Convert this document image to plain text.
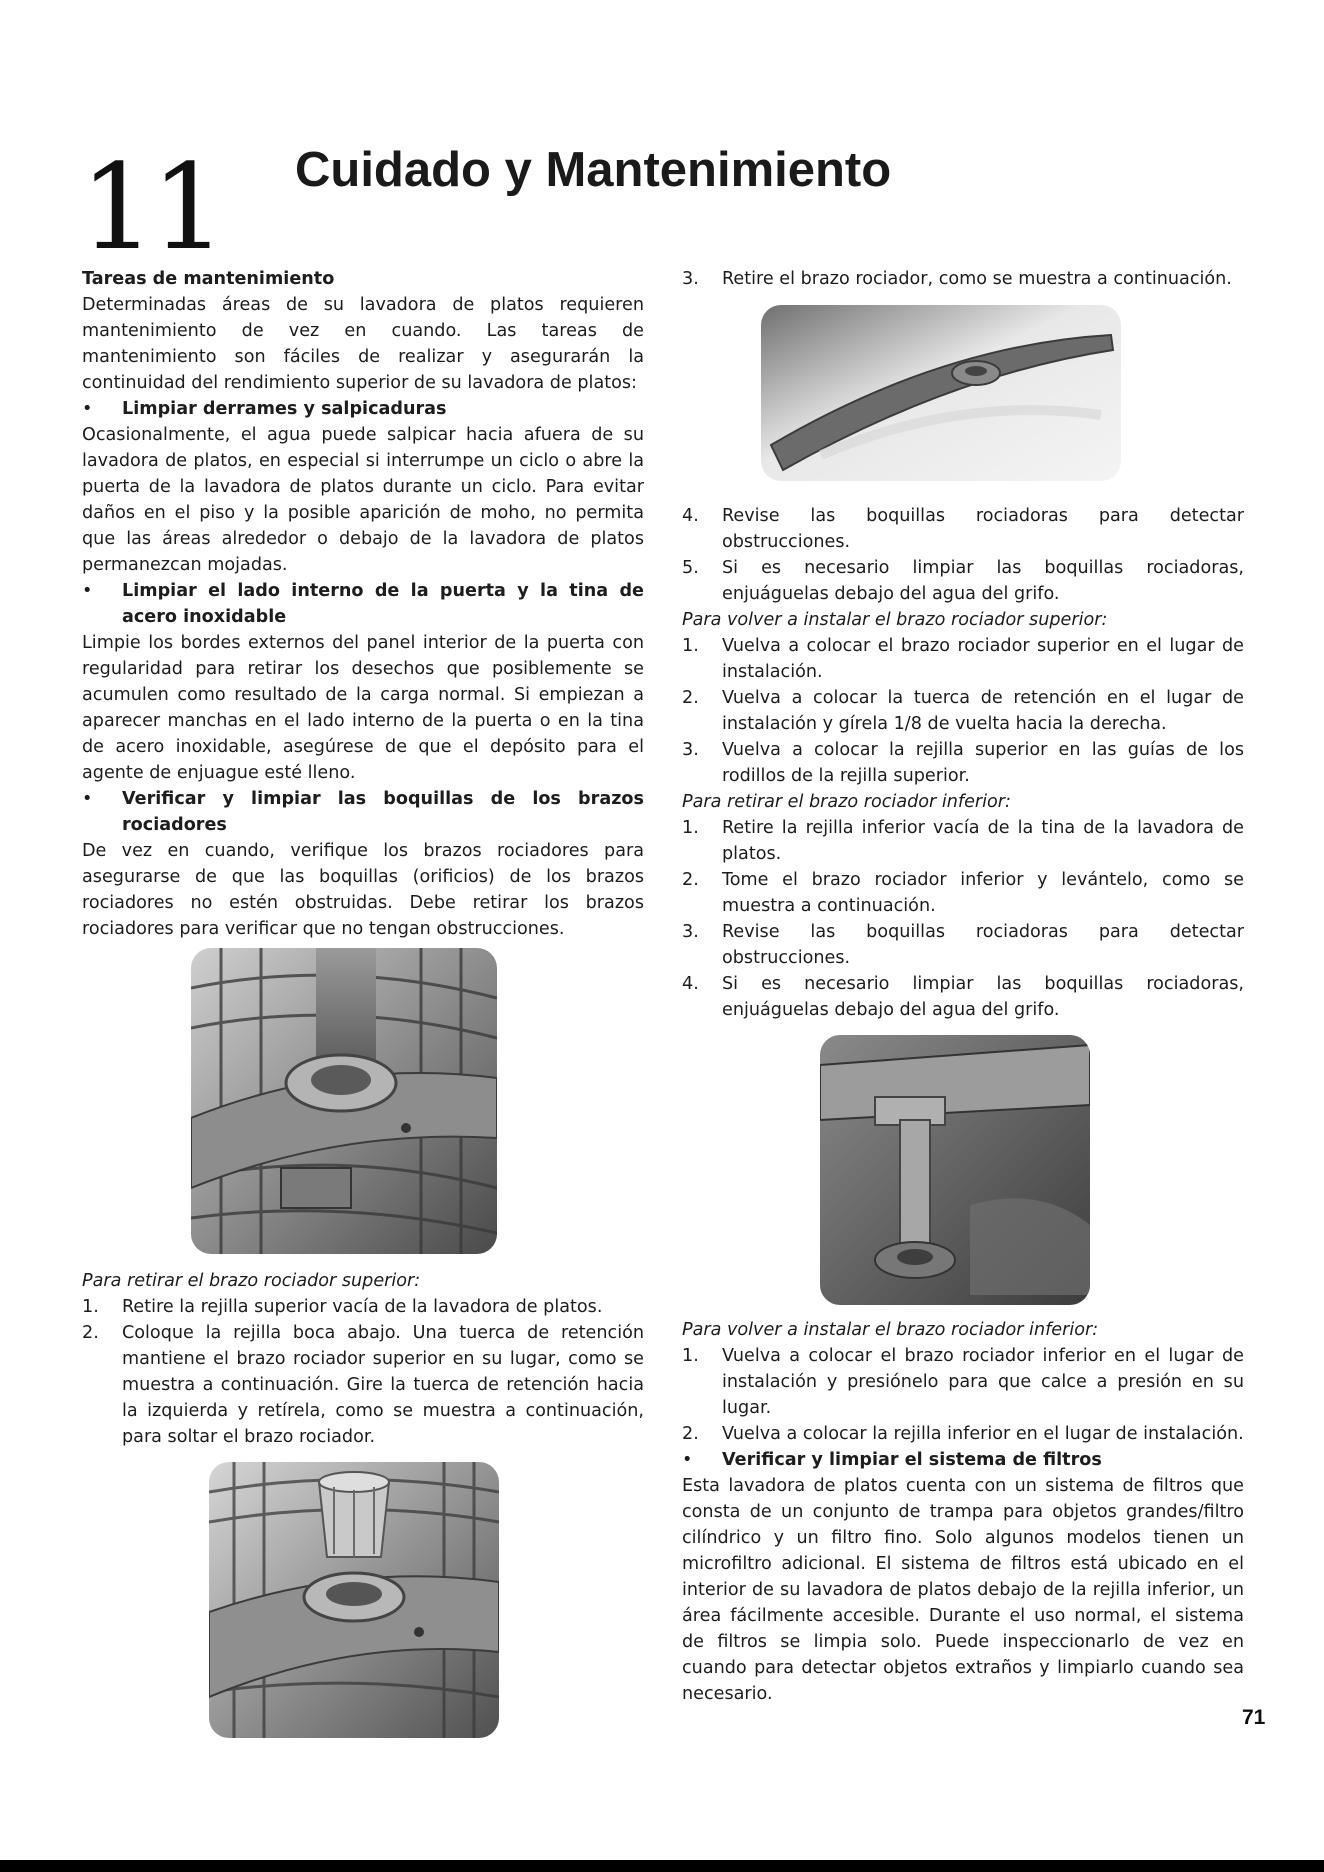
11 Cuidado y Mantenimiento

Tareas de mantenimiento

Determinadas áreas de su lavadora de platos requieren mantenimiento de vez en cuando. Las tareas de mantenimiento son fáciles de realizar y asegurarán la continuidad del rendimiento superior de su lavadora de platos:

• Limpiar derrames y salpicaduras

Ocasionalmente, el agua puede salpicar hacia afuera de su lavadora de platos, en especial si interrumpe un ciclo o abre la puerta de la lavadora de platos durante un ciclo. Para evitar daños en el piso y la posible aparición de moho, no permita que las áreas alrededor o debajo de la lavadora de platos permanezcan mojadas.

• Limpiar el lado interno de la puerta y la tina de acero inoxidable

Limpie los bordes externos del panel interior de la puerta con regularidad para retirar los desechos que posiblemente se acumulen como resultado de la carga normal. Si empiezan a aparecer manchas en el lado interno de la puerta o en la tina de acero inoxidable, asegúrese de que el depósito para el agente de enjuague esté lleno.

• Verificar y limpiar las boquillas de los brazos rociadores

De vez en cuando, verifique los brazos rociadores para asegurarse de que las boquillas (orificios) de los brazos rociadores no estén obstruidas. Debe retirar los brazos rociadores para verificar que no tengan obstrucciones.

Para retirar el brazo rociador superior:

1. Retire la rejilla superior vacía de la lavadora de platos.
2. Coloque la rejilla boca abajo. Una tuerca de retención mantiene el brazo rociador superior en su lugar, como se muestra a continuación. Gire la tuerca de retención hacia la izquierda y retírela, como se muestra a continuación, para soltar el brazo rociador.
3. Retire el brazo rociador, como se muestra a continuación.
4. Revise las boquillas rociadoras para detectar obstrucciones.
5. Si es necesario limpiar las boquillas rociadoras, enjuáguelas debajo del agua del grifo.

Para volver a instalar el brazo rociador superior:

1. Vuelva a colocar el brazo rociador superior en el lugar de instalación.
2. Vuelva a colocar la tuerca de retención en el lugar de instalación y gírela 1/8 de vuelta hacia la derecha.
3. Vuelva a colocar la rejilla superior en las guías de los rodillos de la rejilla superior.

Para retirar el brazo rociador inferior:

1. Retire la rejilla inferior vacía de la tina de la lavadora de platos.
2. Tome el brazo rociador inferior y levántelo, como se muestra a continuación.
3. Revise las boquillas rociadoras para detectar obstrucciones.
4. Si es necesario limpiar las boquillas rociadoras, enjuáguelas debajo del agua del grifo.

Para volver a instalar el brazo rociador inferior:

1. Vuelva a colocar el brazo rociador inferior en el lugar de instalación y presiónelo para que calce a presión en su lugar.
2. Vuelva a colocar la rejilla inferior en el lugar de instalación.

• Verificar y limpiar el sistema de filtros

Esta lavadora de platos cuenta con un sistema de filtros que consta de un conjunto de trampa para objetos grandes/filtro cilíndrico y un filtro fino. Solo algunos modelos tienen un microfiltro adicional. El sistema de filtros está ubicado en el interior de su lavadora de platos debajo de la rejilla inferior, un área fácilmente accesible. Durante el uso normal, el sistema de filtros se limpia solo. Puede inspeccionarlo de vez en cuando para detectar objetos extraños y limpiarlo cuando sea necesario.

71
